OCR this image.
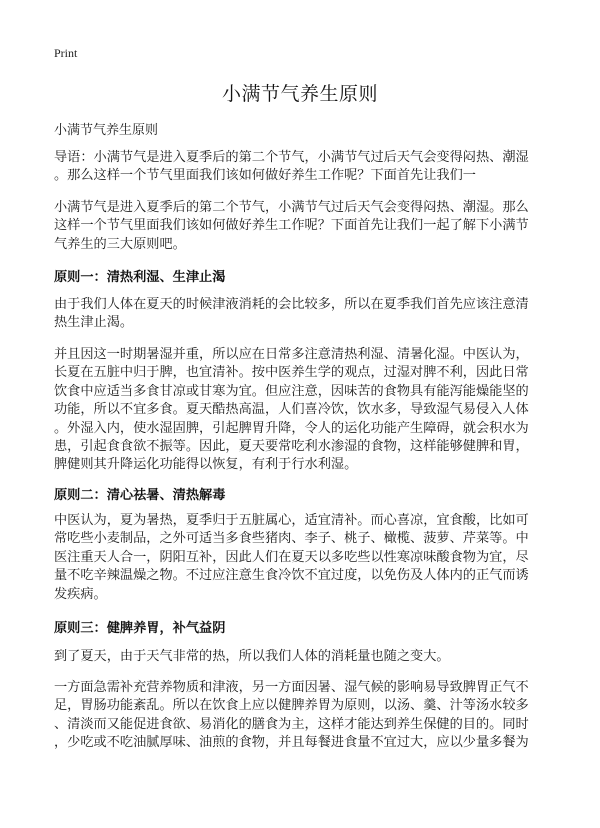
Print
小满节气养生原则
小满节气养生原则

导语：小满节气是进入夏季后的第二个节气，小满节气过后天气会变得闷热、潮湿
。那么这样一个节气里面我们该如何做好养生工作呢？下面首先让我们一

小满节气是进入夏季后的第二个节气，小满节气过后天气会变得闷热、潮湿。那么
这样一个节气里面我们该如何做好养生工作呢？下面首先让我们一起了解下小满节
气养生的三大原则吧。

原则一：清热利湿、生津止渴

由于我们人体在夏天的时候津液消耗的会比较多，所以在夏季我们首先应该注意清
热生津止渴。

并且因这一时期暑湿并重，所以应在日常多注意清热利湿、清暑化湿。中医认为，
长夏在五脏中归于脾，也宜清补。按中医养生学的观点，过湿对脾不利，因此日常
饮食中应适当多食甘凉或甘寒为宜。但应注意，因味苦的食物具有能泻能燥能坚的
功能，所以不宜多食。夏天酷热高温，人们喜冷饮，饮水多，导致湿气易侵入人体
。外湿入内，使水湿固脾，引起脾胃升降，令人的运化功能产生障碍，就会积水为
患，引起食食欲不振等。因此，夏天要常吃利水渗湿的食物，这样能够健脾和胃，
脾健则其升降运化功能得以恢复，有利于行水利湿。

原则二：清心祛暑、清热解毒

中医认为，夏为暑热，夏季归于五脏属心，适宜清补。而心喜凉，宜食酸，比如可
常吃些小麦制品，之外可适当多食些猪肉、李子、桃子、橄榄、菠萝、芹菜等。中
医注重天人合一，阴阳互补，因此人们在夏天以多吃些以性寒凉味酸食物为宜，尽
量不吃辛辣温燥之物。不过应注意生食冷饮不宜过度，以免伤及人体内的正气而诱
发疾病。

原则三：健脾养胃，补气益阴

到了夏天，由于天气非常的热，所以我们人体的消耗量也随之变大。

一方面急需补充营养物质和津液，另一方面因暑、湿气候的影响易导致脾胃正气不
足，胃肠功能紊乱。所以在饮食上应以健脾养胃为原则，以汤、羹、汁等汤水较多
、清淡而又能促进食欲、易消化的膳食为主，这样才能达到养生保健的目的。同时
，少吃或不吃油腻厚味、油煎的食物，并且每餐进食量不宜过大，应以少量多餐为
